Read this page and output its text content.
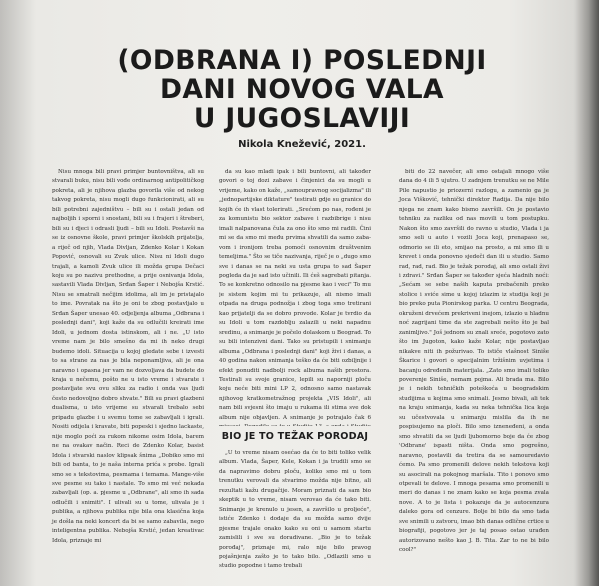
(ODBRANA I) POSLEDNJI
DANI NOVOG VALA
U JUGOSLAVIJI
Nikola Knežević, 2021.

Nisu mnoga bili pravi primjer buntovništva, ali su stvarali buku, nisu bili vođe ordinarnog antipolitičkog pokreta, ali je njihova glazba govorila više od nekog takvog pokreta, nisu mogli dugo funkcionirati, ali su bili potrebni zajedništvu – bili su i ostali jedan od najboljih i sporni i snostani, bili su i frajeri i štreberi, bili su i djeci i odrasli ljudi – bili su Idoli. Postavši na se iz osnovne škole, pravi primjer školskih prijatelja, a riječ od njih, Vlada Divljan, Zdenko Kolar i Kokan Popović, osnovali su Zvuk ulice. Nisu ni Idoli dugo trajali, a kamoli Zvuk ulice ili možda grupa Dečaci koju su po nazivu prethodne, a prije osnivanja Idola, sastavili Vlada Divljan, Srđan Šaper i Nebojša Krstić. Nisu se smatrali nečijim idolima, ali im je pristajalo to ime. Povratak na što je oni te zbog postavljalo u Srđan Šaper unesao 40. odjeljenja albuma „Odbrana i poslednji dani", koji kaže da su odlučili kreirati ime Idoli, u jednom dosta istinskom, ali i ne. „U isto vreme nam je bilo smešno da mi ih neko drugi budemo idoli. Situacija u kojoj gledate sebe i izvesti to sa strane za nas je bila neponamljiva, ali je ona naravno i opasna jer vam ne dozvoljava da budete do kraja u nečemu, pošto ne u isto vreme i stvarate i postavljate svu ovu sliku za radio i onda vas ljudi često nedovoljno dobro shvate." Bili su pravi glazbeni dualisma, u isto vrijeme su stvarali trebalo sebi pripadu glazbe i u svemu tome se zabavljali i igrali. Nositi odijela i kravate, biti popeski i sjedno lackaste, nije moglo poći za rukom nikome osim Idola, barem ne na ovakav način. Reci de Zdenko Kolar, basist Idola i stvarski naslov klipsak šnima „Dobiko smo mi bili od banta, to je naša interna prića s probe. Igrali smo se s tekstovima, pesmama i temama. Mange-više sve pesme su tako i nastale. To smo mi već nekada zabavljali (op. a. pjesme u „Odbrane", ali smo ih sada odlučili i snimiti". I ulivali su u tome, ulivala je i publika, a njihova publika nije bila ona klasična koja je došla na neki koncert da bi se samo zabavila, nego inteligentna publika. Nebojša Krstić, jedan kreativac Idola, priznaje mi

da su kao mladi ipak i bili buntovni, ali također govori o toj dozi zabave i činjenici da su mogli u vrijeme, kako on kaže, „samoupravnog socijalizma" ili „jednopartijske diktature" testirati gdje su granice do kojih će ih vlast tolerirati. „Srećom po nas, rođeni je za komunistu bio sektor zabave i razbibrige i nisu imali nalpanovana čula za ono što smo mi radili. Čini mi se da smo mi među prvima shvatili da samo zabavom i ironijom treba pomoći osnovnim društvenim temeljima." Što se tiče nazivanja, riječ je o „dugo smo sve i danas se na neki su usta grupa to sad Šaper pogleda da je sad isto učinili. Ili ćeš sagrebati pitanja. To se konkretno odnosilo na pjesme kao i veci" To mu je sistem kojim mi tu prikazuje, ali nismo imali otpada na druga podnožja i zbog toga smo tretirani kao prijatelji da se dobro provode. Kolar je tvrdio da su Idoli u tom razdoblju zalazili u neki napadnu sredinu, a snimanje je počelo dolaskom u Beograd. To su bili intenzivni dani. Tako su pristupili i snimanju albuma „Odbrana i poslednji dani" koji živi i danas, a 40 godina nakon snimanja teško da će biti ozbiljnije i efekt ponuditi nadbolji rock albuma naših prostora. Testirali su svoje granice, lepili su naporniji ploču koju neće biti mini LP 2, odnosno samo nastavak njihovog kratkometražnog projekta „VIS Idoli", ali nam bili svjesni što imaju u rukama ili stima sve dok album nije objavljen. A snimanje je potrajalo čak 6

BIO JE TO TEŽAK PORODAJ

„U to vreme nisam osećao da će to biti toliko velik album. Vlada, Šaper, Kele, Kokan i ja trudili smo se da napravimo dobru ploču, koliko smo mi u tom trenutku verovali da stvarimo možda nije bitno, ali rezultati kažu drugačije. Moram priznati da sam bio skeptik u to vreme, nisam verovao da će tako biti. Snimanje je krenulo u jesen, a završilo u proljeće", istiće Zdenko i dodaje da su možda samo dvije pjesme trajale onako kako su oni u samom startu zamislili i sve su doradivane. „Bio je to težak porođaj", priznaje mi, ralo nije bilo pravog pojašnjenja zašto je to tako bilo. „Odlazili smo u studio popodne i tamo trebali

biti do 22 navečer, ali smo ostajali mnogo više dana do 4 ili 5 ujutro. U zadnjem trenutku se ne Mile Pile napustio je priozerni razlogu, a zamenio ga je Joca Višković, tehnički direktor Radija. Da nije bilo njega ne znam kako bismo završili. On je postavio tehniku za razliku od nas movili u tom postupku. Nakon što smo završili do ravno u studio, Vlada i ja smo seli u auto i vozili Joca koji, prenapaso se, odmorio se ili eto, smijao na prosto, a mi smo ili u krevet i onda ponovno sjedeči dan ili u studio. Samo rad, rad, rad. Bio je težak porodaj, ali smo ostali živi i zdravi." Srđan Šaper se također sjeća hladnih noći: „Sećam se sebe naših kaputa prebačenih preko stolice i sviće sime u kojoj izlazim iz studija koji je bio preko puta Pionirskog parka. U centru Beograda, okruženi drvećem prekriveni inejom, izlazio u hladnu noć zagrijani time da ste zagrebali nešto što je bal zanimljivo." Još jednom su znali sreće, pogotovo zato što im Jugoton, kako kaže Kolar, nije postavljao nikakve niti ih požurivao. To ističe vlašnost Siniše Škarice i govori o specijalnim tržišnim uvjetima i bacanju određenih materijala. „Zato smo imali toliko poverenje Siniše, nemam pojma. Ali brada ma. Bilo je i nekih tehničkih poteškoća u beogradskim studijima u kojima smo snimali. Jesmo bivali, ali tek na kraju snimanja, kada su neka tehnička lica koja su učestvovala u snimanju mislila da ih ne pospisujemo na ploči. Bilo smo izneneđeni, a onda smo shvatili da se ljudi ljubomorno boje da će zbog 'Odbrane' ispasti ništa. Onda smo pogrešno, naravno, postavili da tretira da se samouredavio ćemo. Pa smo promenili delove nekih tekstova koji su asocirali na pokojnog maršala. Tito i ponovo smo otpevali te delove. I mnoga pesama smo promenili u meri do danas i ne znam kako se koja pesma zvala nove. A to je lista i pokazuje da je autocenzura daleko gora od cenzure. Bolje bi bilo da smo tada sve snimili u zatvoru, imao bih danas odlične crtice u biografiji, pogotovo jer je taj posao ostao urađen autorizovano nešto kao J. B. Tita. Zar to ne bi bilo cool?"
